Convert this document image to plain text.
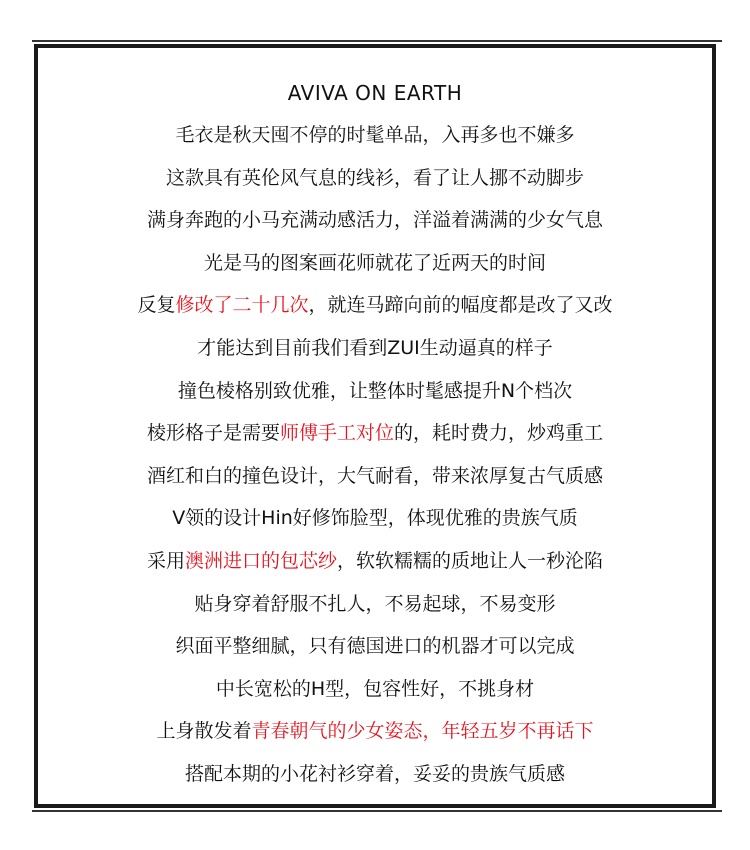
AVIVA ON EARTH
毛衣是秋天囤不停的时髦单品，入再多也不嫌多
这款具有英伦风气息的线衫，看了让人挪不动脚步
满身奔跑的小马充满动感活力，洋溢着满满的少女气息
光是马的图案画花师就花了近两天的时间
反复修改了二十几次，就连马蹄向前的幅度都是改了又改
才能达到目前我们看到ZUI生动逼真的样子
撞色棱格别致优雅，让整体时髦感提升N个档次
棱形格子是需要师傅手工对位的，耗时费力，炒鸡重工
酒红和白的撞色设计，大气耐看，带来浓厚复古气质感
V领的设计Hin好修饰脸型，体现优雅的贵族气质
采用澳洲进口的包芯纱，软软糯糯的质地让人一秒沦陷
贴身穿着舒服不扎人，不易起球，不易变形
织面平整细腻，只有德国进口的机器才可以完成
中长宽松的H型，包容性好，不挑身材
上身散发着青春朝气的少女姿态，年轻五岁不再话下
搭配本期的小花衬衫穿着，妥妥的贵族气质感
